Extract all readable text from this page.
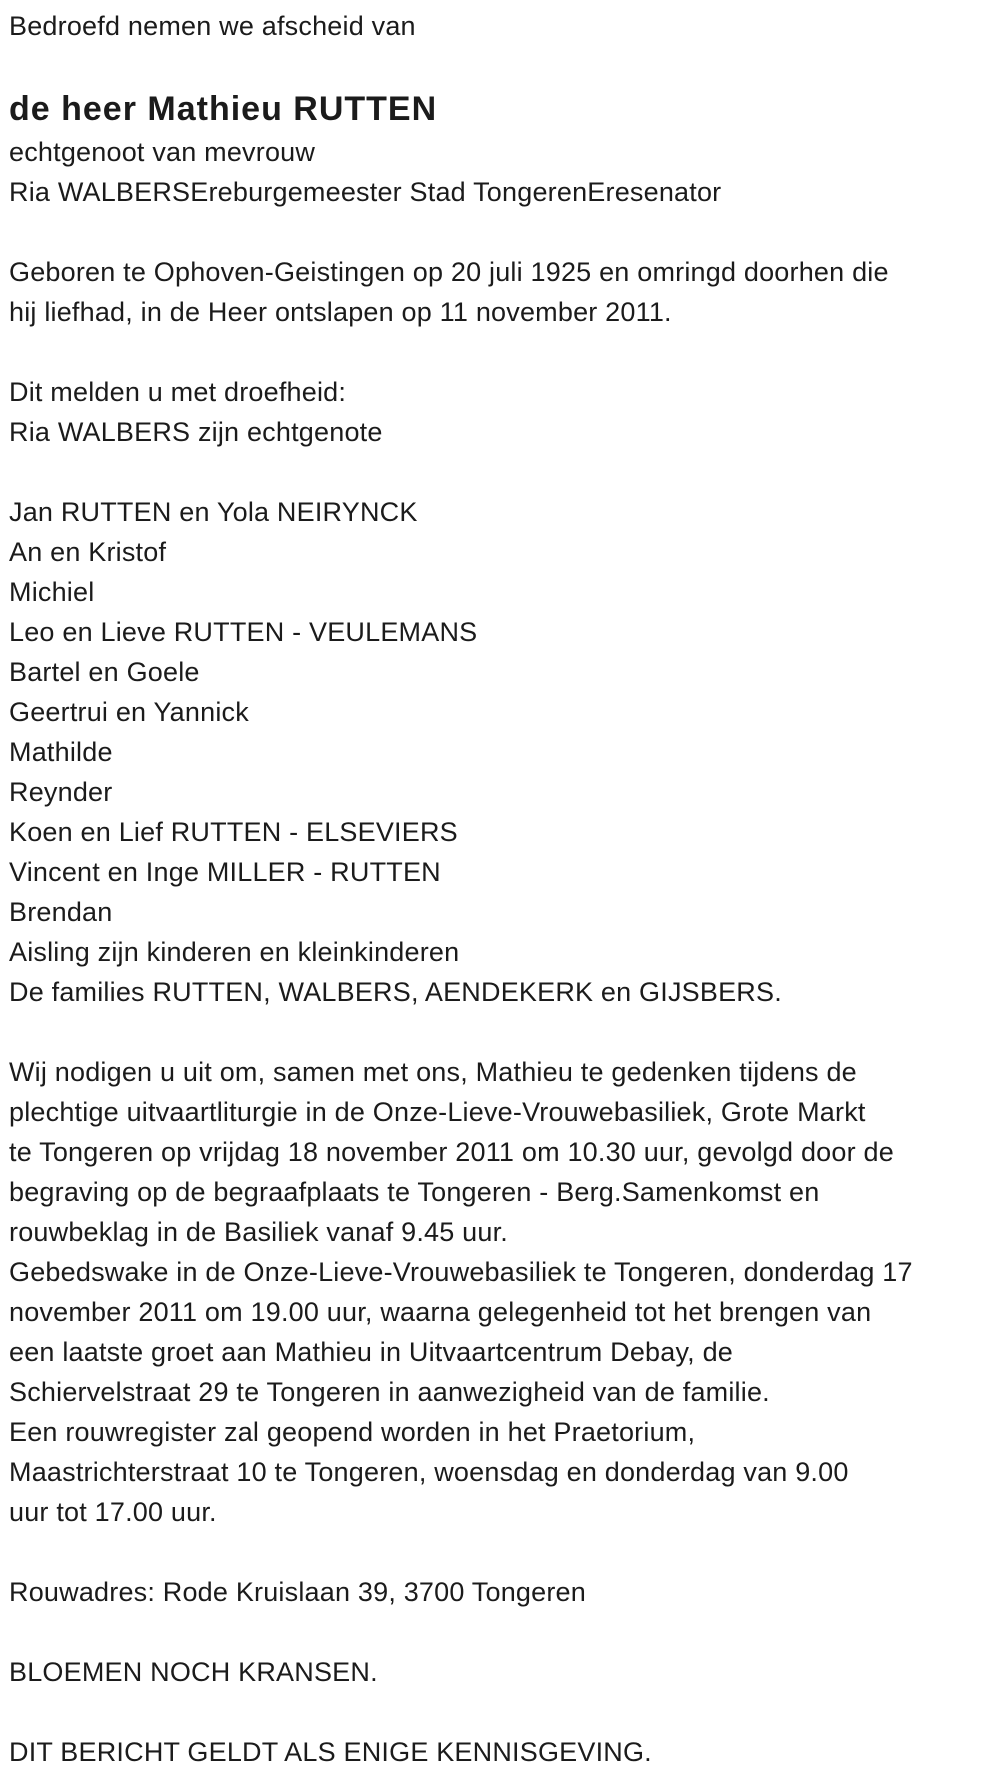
Bedroefd nemen we afscheid van
de heer Mathieu RUTTEN
echtgenoot van mevrouw
Ria WALBERSEreburgemeester Stad TongerenEresenator
Geboren te Ophoven-Geistingen op 20 juli 1925 en omringd doorhen die
hij liefhad, in de Heer ontslapen op 11 november 2011.
Dit melden u met droefheid:
Ria WALBERS zijn echtgenote
Jan RUTTEN en Yola NEIRYNCK
An en Kristof
Michiel
Leo en Lieve RUTTEN - VEULEMANS
Bartel en Goele
Geertrui en Yannick
Mathilde
Reynder
Koen en Lief RUTTEN - ELSEVIERS
Vincent en Inge MILLER - RUTTEN
Brendan
Aisling zijn kinderen en kleinkinderen
De families RUTTEN, WALBERS, AENDEKERK en GIJSBERS.
Wij nodigen u uit om, samen met ons, Mathieu te gedenken tijdens de
plechtige uitvaartliturgie in de Onze-Lieve-Vrouwebasiliek, Grote Markt
te Tongeren op vrijdag 18 november 2011 om 10.30 uur, gevolgd door de
begraving op de begraafplaats te Tongeren - Berg.Samenkomst en
rouwbeklag in de Basiliek vanaf 9.45 uur.
Gebedswake in de Onze-Lieve-Vrouwebasiliek te Tongeren, donderdag 17
november 2011 om 19.00 uur, waarna gelegenheid tot het brengen van
een laatste groet aan Mathieu in Uitvaartcentrum Debay, de
Schiervelstraat 29 te Tongeren in aanwezigheid van de familie.
Een rouwregister zal geopend worden in het Praetorium,
Maastrichterstraat 10 te Tongeren, woensdag en donderdag van 9.00
uur tot 17.00 uur.
Rouwadres: Rode Kruislaan 39, 3700 Tongeren
BLOEMEN NOCH KRANSEN.
DIT BERICHT GELDT ALS ENIGE KENNISGEVING.
